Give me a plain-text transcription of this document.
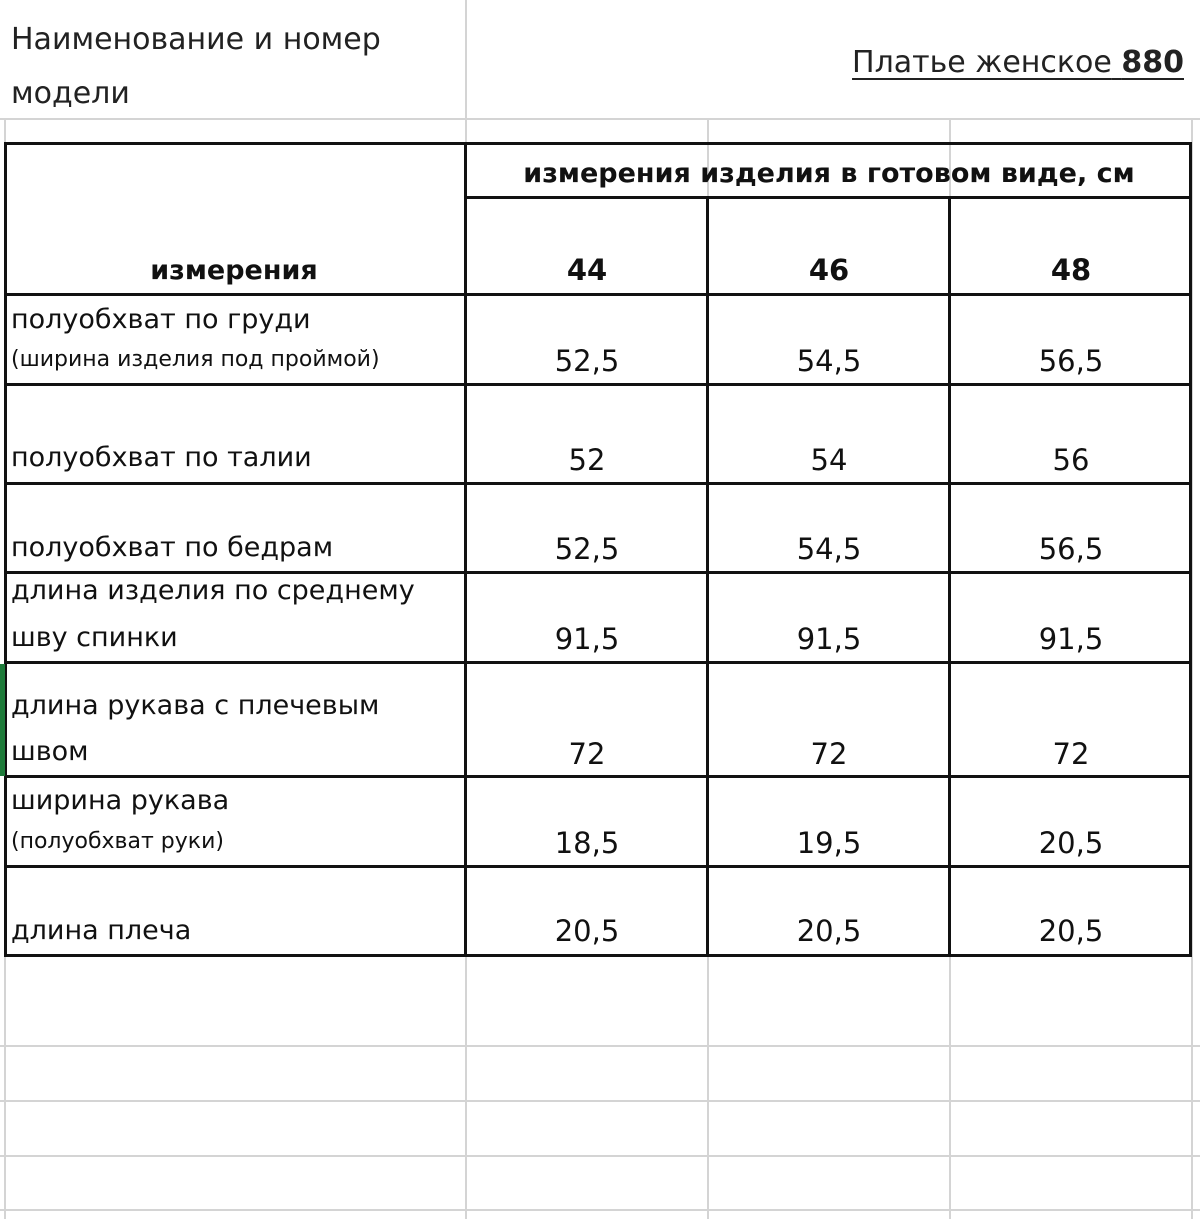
Наименование и номер
модели
Платье женское 880
измерения изделия в готовом виде, см
измерения	44	46	48
полуобхват по груди
(ширина изделия под проймой)	52,5	54,5	56,5
полуобхват по талии	52	54	56
полуобхват по бедрам	52,5	54,5	56,5
длина изделия по среднему
шву спинки	91,5	91,5	91,5
длина рукава с плечевым
швом	72	72	72
ширина рукава
(полуобхват руки)	18,5	19,5	20,5
длина плеча	20,5	20,5	20,5
